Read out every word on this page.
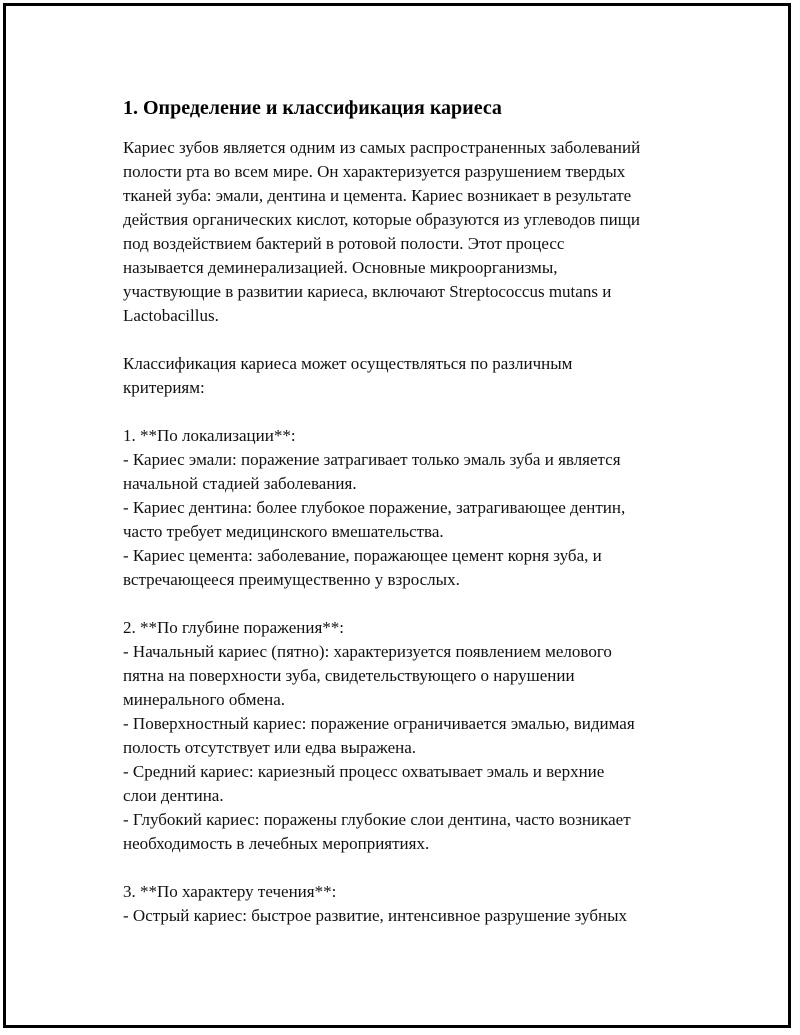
1. Определение и классификация кариеса

Кариес зубов является одним из самых распространенных заболеваний
полости рта во всем мире. Он характеризуется разрушением твердых
тканей зуба: эмали, дентина и цемента. Кариес возникает в результате
действия органических кислот, которые образуются из углеводов пищи
под воздействием бактерий в ротовой полости. Этот процесс
называется деминерализацией. Основные микроорганизмы,
участвующие в развитии кариеса, включают Streptococcus mutans и
Lactobacillus.

Классификация кариеса может осуществляться по различным
критериям:

1. **По локализации**:

- Кариес эмали: поражение затрагивает только эмаль зуба и является
начальной стадией заболевания.

- Кариес дентина: более глубокое поражение, затрагивающее дентин,
часто требует медицинского вмешательства.

- Кариес цемента: заболевание, поражающее цемент корня зуба, и
встречающееся преимущественно у взрослых.

2. **По глубине поражения**:

- Начальный кариес (пятно): характеризуется появлением мелового
пятна на поверхности зуба, свидетельствующего о нарушении
минерального обмена.

- Поверхностный кариес: поражение ограничивается эмалью, видимая
полость отсутствует или едва выражена.

- Средний кариес: кариезный процесс охватывает эмаль и верхние
слои дентина.

- Глубокий кариес: поражены глубокие слои дентина, часто возникает
необходимость в лечебных мероприятиях.

3. **По характеру течения**:

- Острый кариес: быстрое развитие, интенсивное разрушение зубных
